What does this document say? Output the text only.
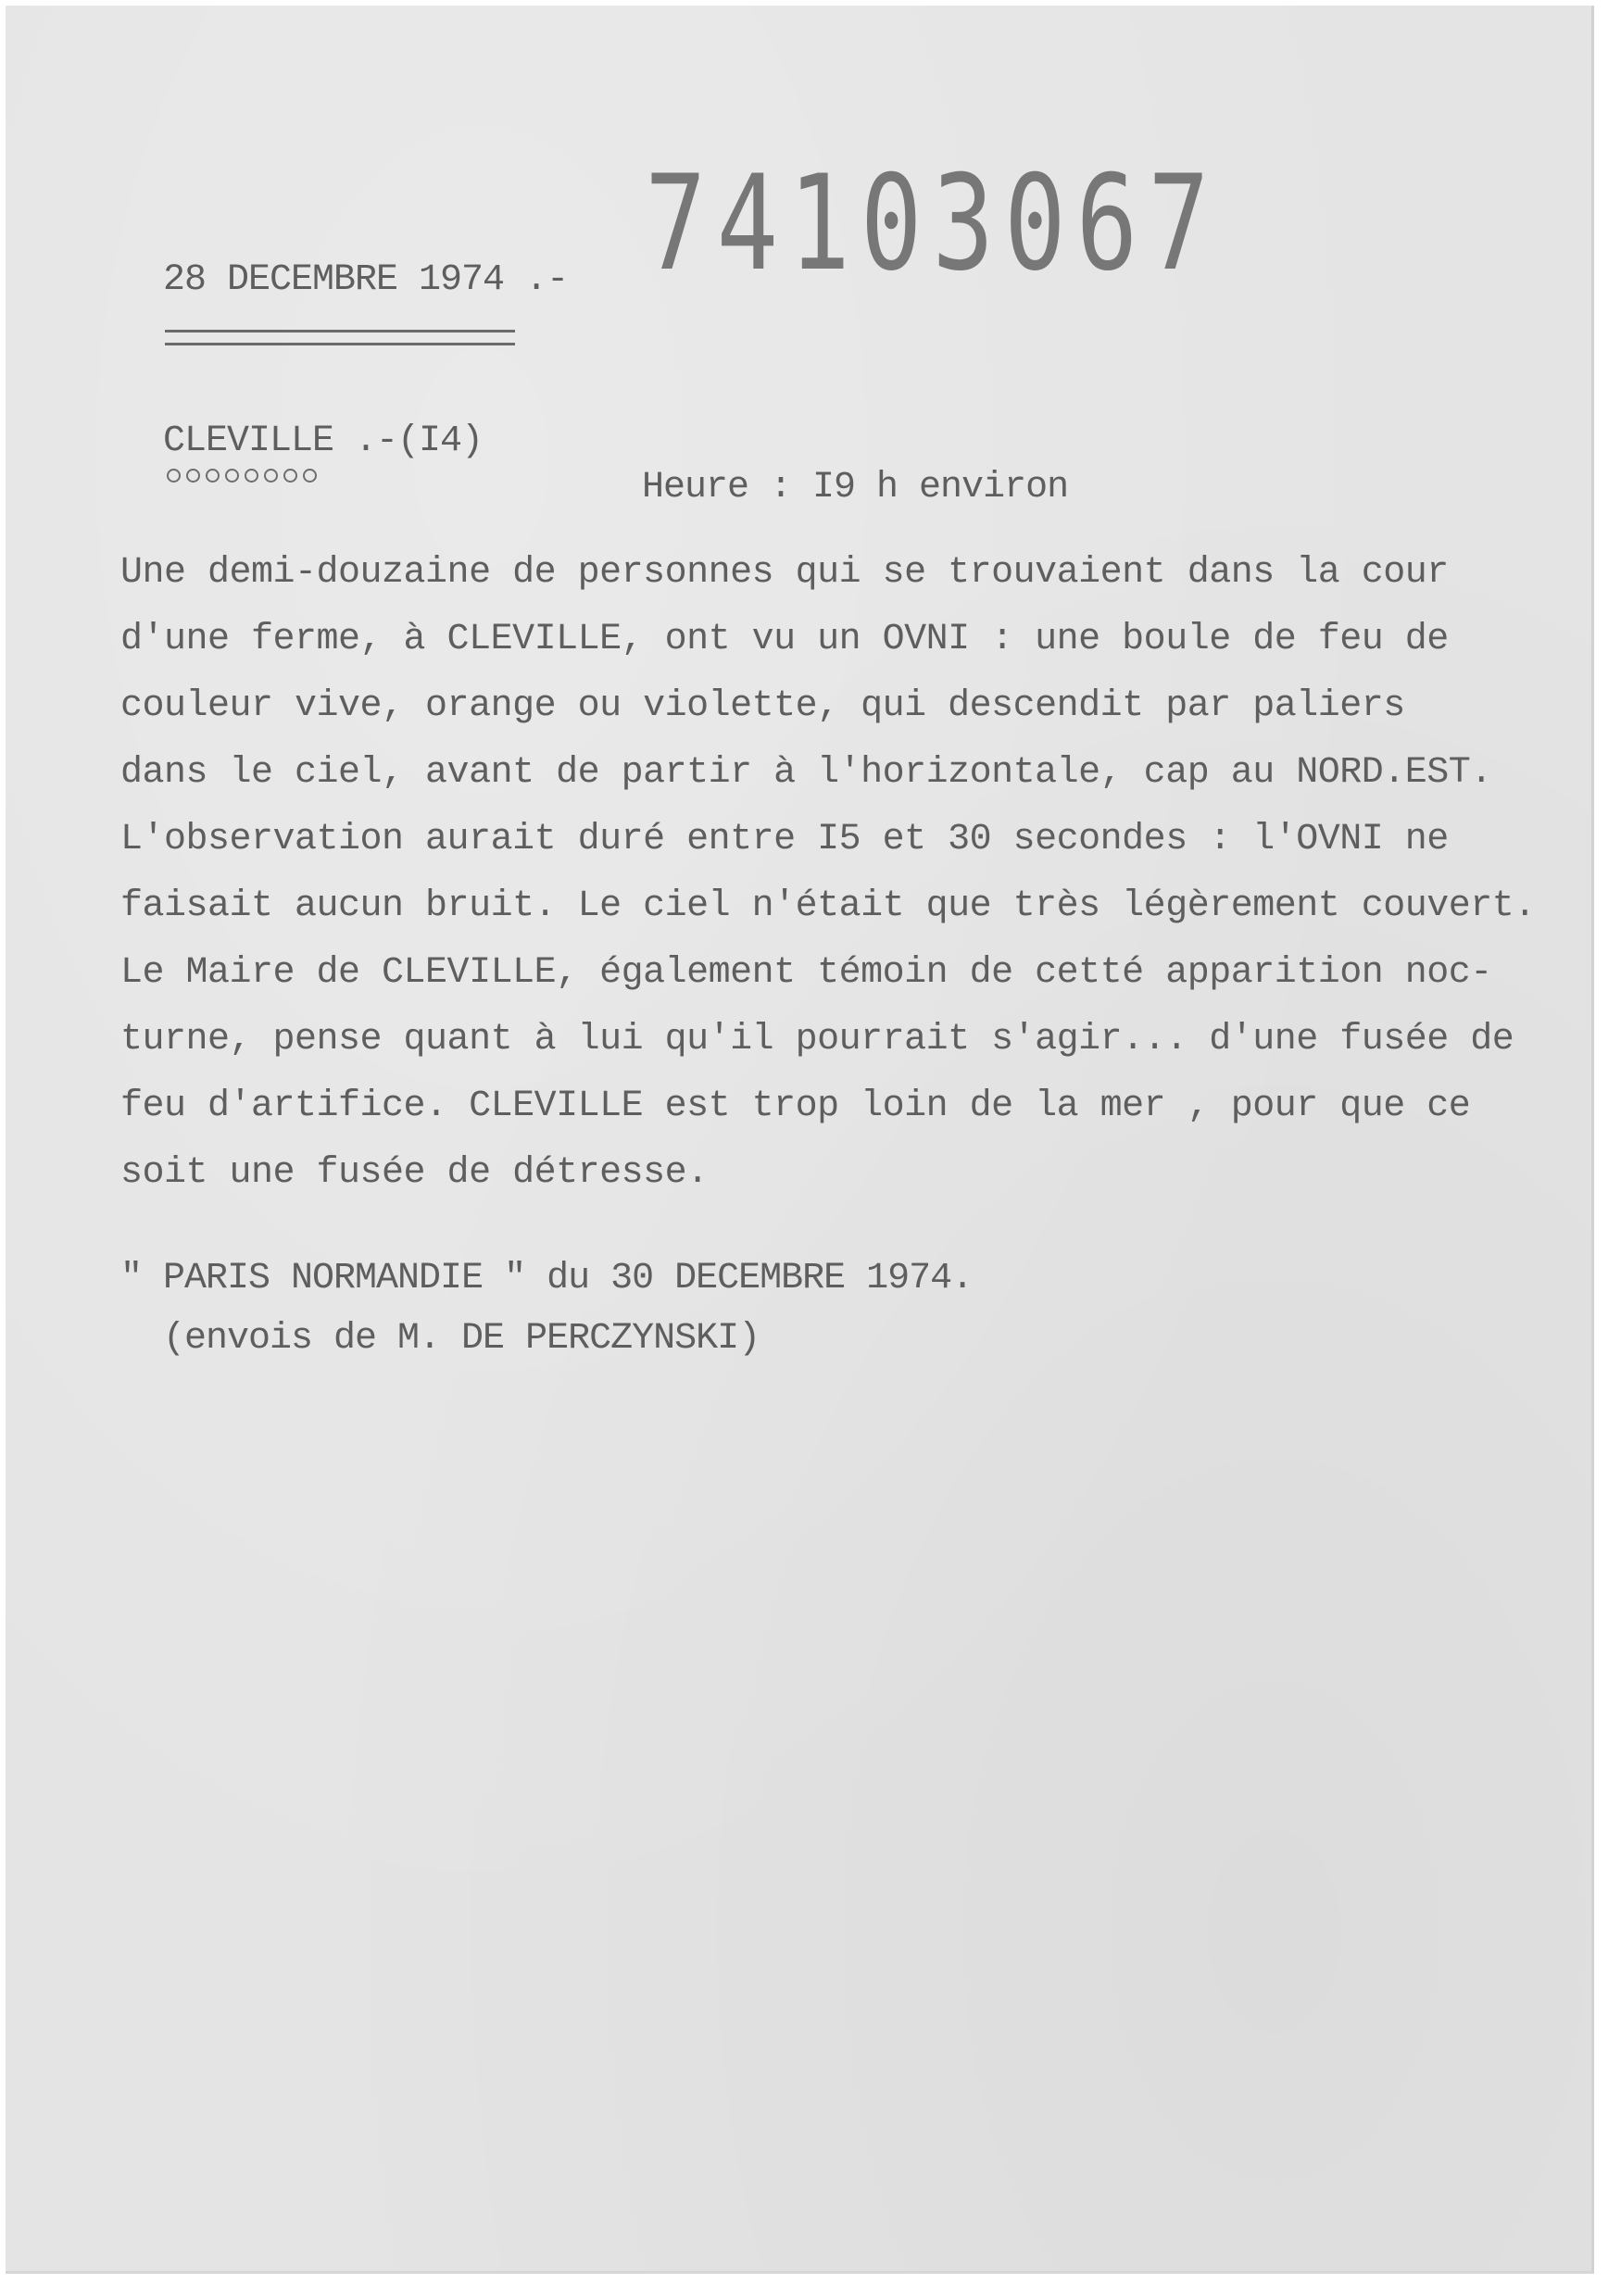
28 DECEMBRE 1974 .- 74103067

CLEVILLE .-(I4)

Heure : I9 h environ

Une demi-douzaine de personnes qui se trouvaient dans la cour
d'une ferme, à CLEVILLE, ont vu un OVNI : une boule de feu de
couleur vive, orange ou violette, qui descendit par paliers
dans le ciel, avant de partir à l'horizontale, cap au NORD.EST.
L'observation aurait duré entre I5 et 30 secondes : l'OVNI ne
faisait aucun bruit. Le ciel n'était que très légèrement couvert.
Le Maire de CLEVILLE, également témoin de cetté apparition noc-
turne, pense quant à lui qu'il pourrait s'agir... d'une fusée de
feu d'artifice. CLEVILLE est trop loin de la mer , pour que ce
soit une fusée de détresse.

" PARIS NORMANDIE " du 30 DECEMBRE 1974.

(envois de M. DE PERCZYNSKI)
